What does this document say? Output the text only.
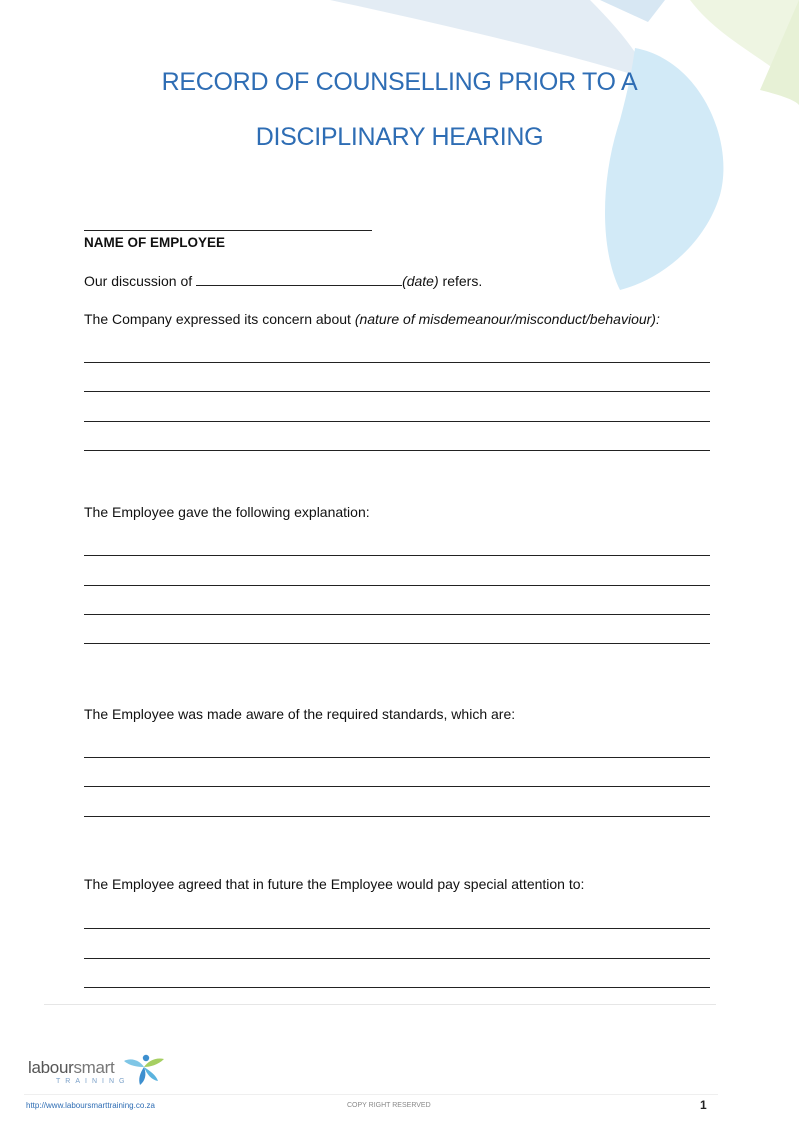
RECORD OF COUNSELLING PRIOR TO A
DISCIPLINARY HEARING
NAME OF EMPLOYEE
Our discussion of	(date) refers.
The Company expressed its concern about (nature of misdemeanour/misconduct/behaviour):
The Employee gave the following explanation:
The Employee was made aware of the required standards, which are:
The Employee agreed that in future the Employee would pay special attention to:
laboursmart
TRAINING
http://www.laboursmarttraining.co.za	COPY RIGHT RESERVED	1
